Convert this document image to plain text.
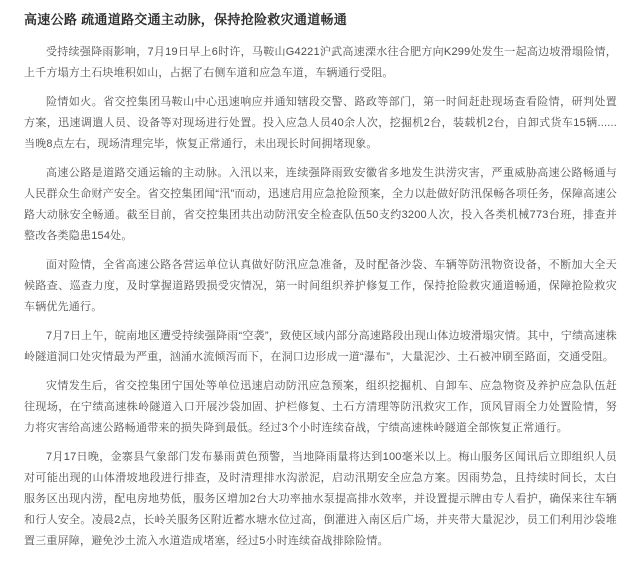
高速公路 疏通道路交通主动脉，保持抢险救灾通道畅通

受持续强降雨影响，7月19日早上6时许，马鞍山G4221沪武高速溧水往合肥方向K299处发生一起高边坡滑塌险情，上千方塌方土石块堆积如山，占据了右侧车道和应急车道，车辆通行受阻。

险情如火。省交控集团马鞍山中心迅速响应并通知辖段交警、路政等部门，第一时间赶赴现场查看险情，研判处置方案，迅速调遣人员、设备等对现场进行处置。投入应急人员40余人次，挖掘机2台，装载机2台，自卸式货车15辆......当晚8点左右，现场清理完毕，恢复正常通行，未出现长时间拥堵现象。

高速公路是道路交通运输的主动脉。入汛以来，连续强降雨致安徽省多地发生洪涝灾害，严重威胁高速公路畅通与人民群众生命财产安全。省交控集团闻“汛”而动，迅速启用应急抢险预案，全力以赴做好防汛保畅各项任务，保障高速公路大动脉安全畅通。截至目前，省交控集团共出动防汛安全检查队伍50支约3200人次，投入各类机械773台班，排查并整改各类隐患154处。

面对险情，全省高速公路各营运单位认真做好防汛应急准备，及时配备沙袋、车辆等防汛物资设备，不断加大全天候路查、巡查力度，及时掌握道路毁损受灾情况，第一时间组织养护修复工作，保持抢险救灾通道畅通，保障抢险救灾车辆优先通行。

7月7日上午，皖南地区遭受持续强降雨“空袭”，致使区域内部分高速路段出现山体边坡滑塌灾情。其中，宁绩高速株岭隧道洞口处灾情最为严重，汹涌水流倾泻而下，在洞口边形成一道“瀑布”，大量泥沙、土石被冲刷至路面，交通受阻。

灾情发生后，省交控集团宁国处等单位迅速启动防汛应急预案，组织挖掘机、自卸车、应急物资及养护应急队伍赶往现场，在宁绩高速株岭隧道入口开展沙袋加固、护栏修复、土石方清理等防汛救灾工作，顶风冒雨全力处置险情，努力将灾害给高速公路畅通带来的损失降到最低。经过3个小时连续奋战，宁绩高速株岭隧道全部恢复正常通行。

7月17日晚，金寨县气象部门发布暴雨黄色预警，当地降雨量将达到100毫米以上。梅山服务区闻讯后立即组织人员对可能出现的山体滑坡地段进行排查，及时清理排水沟淤泥，启动汛期安全应急方案。因雨势急，且持续时间长，太白服务区出现内涝，配电房地势低，服务区增加2台大功率抽水泵提高排水效率，并设置提示牌由专人看护，确保来往车辆和行人安全。凌晨2点，长岭关服务区附近蓄水塘水位过高，倒灌进入南区后广场，并夹带大量泥沙，员工们利用沙袋堆置三重屏障，避免沙土流入水道造成堵塞，经过5小时连续奋战排除险情。
